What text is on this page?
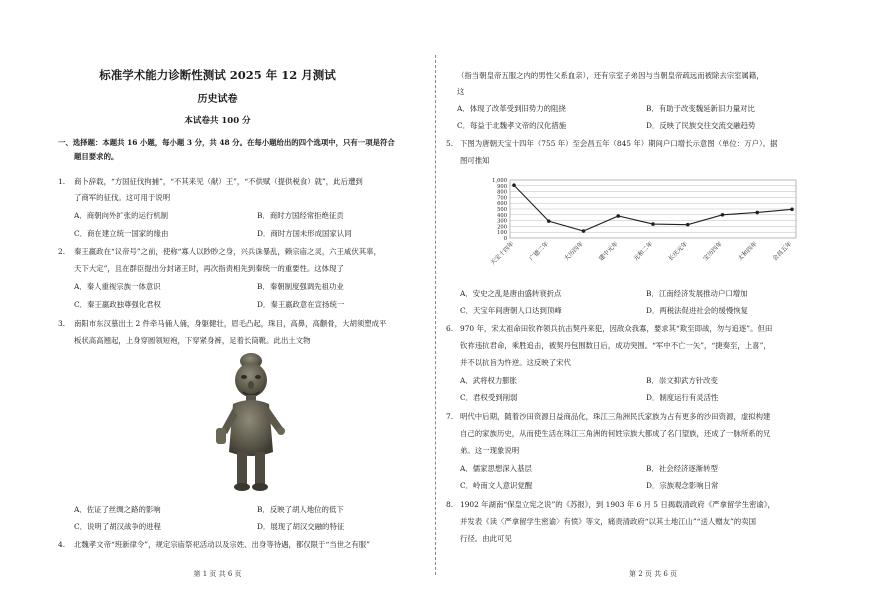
标准学术能力诊断性测试 2025 年 12 月测试
历史试卷
本试卷共 100 分
一、选择题：本题共 16 小题，每小题 3 分，共 48 分。在每小题给出的四个选项中，只有一项是符合
题目要求的。
1. 商卜辞载，“方国征伐拘捕”，“不其来见（献）王”，“不供赋（提供税食）就”，此后遭到
了商军的征伐。这可用于说明
A．商朝向外扩张的运行机制	B．商时方国经常拒绝征贡
C．商在建立统一国家的缘由	D．商时方国未形成国家认同
2. 秦王嬴政在“议帝号”之前，使称“寡人以眇眇之身，兴兵诛暴乱，赖宗庙之灵，六王咸伏其辜，
天下大定”，且在群臣提出分封诸王时，再次指责相先到秦统一的重要性。这体现了
A．秦人重视宗族一体意识	B．秦朝制度强调先祖功业
C．秦王嬴政独尊强化君权	D．秦王嬴政意在宣扬统一
3. 南阳市东汉墓出土 2 件牵马俑人俑，身躯健壮，眉毛凸起，珠目，高鼻，高颧骨，大胡须塑成平
板状高高翘起，上身穿圆领短袍，下穿紧身裤，足着长筒靴。此出土文物
A．佐证了丝绸之路的影响	B．反映了胡人地位的低下
C．说明了胡汉战争的进程	D．展现了胡汉交融的特征
4. 北魏孝文帝“班新律令”，规定宗庙祭祀活动以及宗姓、出身等待遇，都仅限于“当世之有服”
第 1 页 共 6 页
（指当朝皇帝五服之内的男性父系血亲），还有宗室子弟因与当朝皇帝疏远而被除去宗室属籍，
这
A．体现了改革受到旧势力的阻挠	B．有助于改变魏延新旧力量对比
C．每益于北魏孝文帝的汉化措施	D．反映了民族交往交流交融趋势
5. 下图为唐朝天宝十四年（755 年）至会昌五年（845 年）期间户口增长示意图（单位：万户）。据
图可推知
1,000
900
800
700
600
500
400
300
200
100
0
天宝十四年 广德二年 大历四年 建中元年 元和二年 长庆元年 宝历四年 太和四年 会昌五年
A．安史之乱是唐由盛转衰折点	B．江南经济发展推动户口增加
C．天宝年间唐朝人口达到顶峰	D．两税法促进社会的缓慢恢复
6. 970 年，宋太祖命田钦祚领兵抗击契丹来犯，因敌众我寡，要求其“欺至即战，勿与追逐”。但田
钦祚违抗君命，乘胜追击，被契丹包围数日后，成功突围。“军中不亡一矢”，“捷奏至，上喜”，
并不以抗旨为忤逆。这反映了宋代
A．武将权力膨胀	B．崇文抑武方针改变
C．君权受到削弱	D．制度运行有灵活性
7. 明代中后期，随着沙田资源日益商品化，珠江三角洲民氏家族为占有更多的沙田资源，虚拟构建
自己的家族历史，从而使生活在珠江三角洲的何姓宗族大都成了名门望族，还成了一脉所系的兄
弟。这一现象说明
A．儒家思想深入基层	B．社会经济逐渐转型
C．岭南文人意识觉醒	D．宗族观念影响日常
8. 1902 年湖南“保皇立宪之说”的《苏报》，到 1903 年 6 月 5 日揭载清政府《严拿留学生密谕》，
并发表《读〈严拿留学生密谕〉有愤》等文，痛责清政府“以其土地江山”“送人赠友”的卖国
行径。由此可见
第 2 页 共 6 页
